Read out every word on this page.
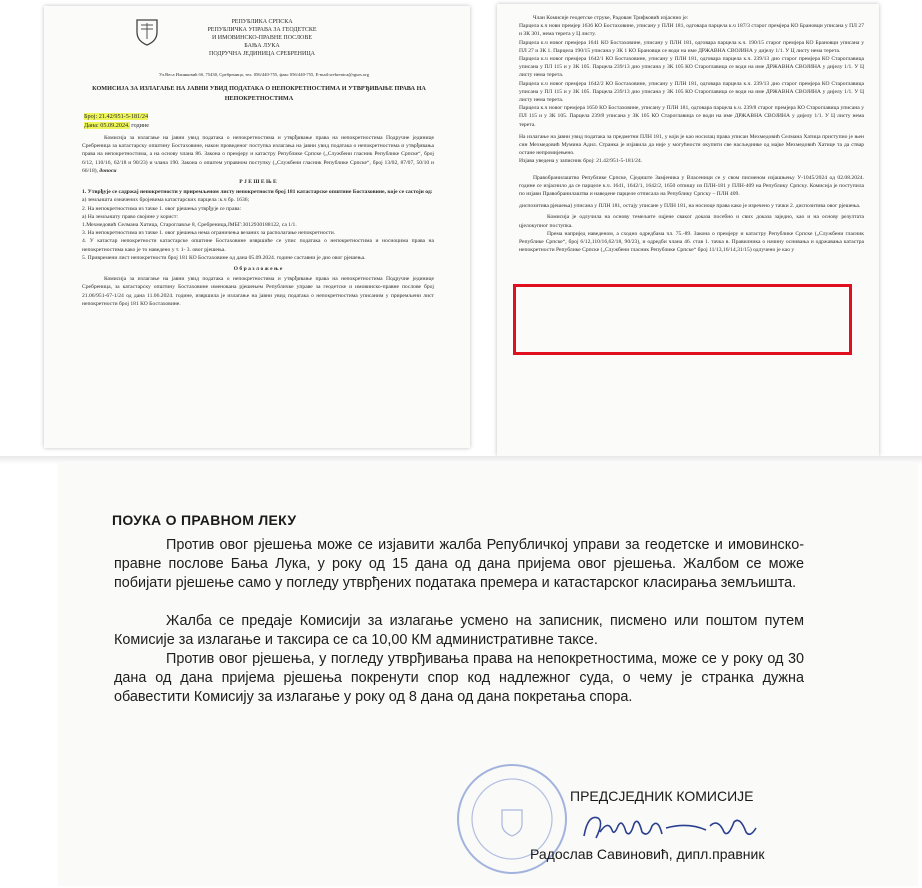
РЕПУБЛИКА СРПСКА
РЕПУБЛИЧКА УПРАВА ЗА ГЕОДЕТСКЕ
И ИМОВИНСКО-ПРАВНЕ ПОСЛОВЕ
БАЊА ЛУКА
ПОДРУЧНА ЈЕДИНИЦА СРЕБРЕНИЦА
Ул.Веса Илинковић бб, 75430, Сребреница, тел. 056/440-755, факс 056/440-755, E-mail:srebrenica@rgurs.org
КОМИСИЈА ЗА ИЗЛАГАЊЕ НА ЈАВНИ УВИД ПОДАТАКА О НЕПОКРЕТНОСТИМА И УТВРЂИВАЊЕ ПРАВА НА НЕПОКРЕТНОСТИМА
Број: 21.42/951-5-181/24
Дана: 05.09.2024. године
Комисија за излагање на јавни увид података о непокретностима и утврђивање права на непокретностима Подручне јединице Сребреница за катастарску општину Бостаховине, након проведеног поступка излагања на јавни увид података о непокретностима и утврђивања права на непокретностима, а на основу члана 86. Закона о премјеру и катастру Републике Српске („Службени гласник Републике Српске“, број 6/12, 110/16, 62/18 и 90/23) и члана 190. Закона о општем управном поступку („Службени гласник Републике Српске“, број 13/02, 87/07, 50/10 и 66/18), доноси
Р Ј Е Ш Е Њ Е
1. Утврђује се садржај непокретности у приремљеном листу непокретности број 181 катастарске општине Бостаховине, које се састоји од:
а) земљишта означених бројевима катастарских парцела :к.ч бр. 1636;
2. На непокретностима из тачке 1. овог рјешења утврђује се права:
а) На земљишту право својине у корист:
1.Мехмедовић Селмана Хатица, Староглавље 8, Сребреница,ЈМБГ:3012930188122, са 1/1.
3. На непокретностима из тачке 1. овог рјешења нема ограничења везаних за располагање непокретности.
4. У катастар непокретности катастарске општине Бостаховине извршиће се упис података о непокретностима и носиоцима права на непокретностима како је то наведено у т. 1- 3. овог рјешења.
5. Привремени лист непокретности број 181 КО Бостаховине од дана 05.09.2024. године саставни је дио овог рјешења.
О б р а з л о ж е њ е
Комисија за излагање на јавни увид података о непокретностима и утврђивање права на непокретностима Подручне јединице Сребреница, за катастарску општину Бостаховине именована рјешењем Републичке управе за геодетске и имовинско-правне послове број 21.06/951-67-1/24 од дана 11.06.2024. године, извршила је излагање на јавни увид података о непокретностима уписаним у приремљени лист непокретности број 181 КО Бостаховине.
Члан Комисије геодетске струке, Радован Трифковић изјаснио је:
Парцела к.ч нови премјер 1636 КО Бостаховине, уписану у ПЛН 181, одговара парцела к.ч 187/3 старог премјера КО Брановци уписана у ПЛ 27 и ЗК 301, нема терета у Ц листу.
Парцела к.ч новог премјера 1641 КО Бостаховине, уписану у ПЛН 181, одговара парцела к.ч. 190/15 старог премјера КО Брановци уписана у ПЛ 27 и ЗК 1. Парцела 190/15 уписана у ЗК 1 КО Брановци се води на име ДРЖАВНА СВОЈИНА у дијелу 1/1. У Ц листу нема терета.
Парцела к.ч новог премјера 1642/1 КО Бостаховине, уписану у ПЛН 181, одговара парцела к.ч. 239/13 дио старог премјера КО Староглавица уписана у ПЛ 115 и у ЗК 105. Парцела 239/13 дио уписана у ЗК 105 КО Староглавица се води на име ДРЖАВНА СВОЈИНА у дијелу 1/1. У Ц листу нема терета.
Парцела к.ч новог премјера 1642/2 КО Бостаховине, уписану у ПЛН 181, одговара парцела к.ч. 239/13 дио старог премјера КО Староглавица уписана у ПЛ 115 и у ЗК 105. Парцела 239/13 дио уписана у ЗК 105 КО Староглавица се води на име ДРЖАВНА СВОЈИНА у дијелу 1/1. У Ц листу нема терета.
Парцела к.ч новог премјера 1650 КО Бостаховине, уписану у ПЛН 181, одговара парцела к.ч. 239/8 старог премјера КО Староглавица уписана у ПЛ 115 и у ЗК 105. Парцела 239/8 уписана у ЗК 105 КО Староглавица се води на име ДРЖАВНА СВОЈИНА у дијелу 1/1. У Ц листу нема терета.
На излагање на јавни увид података за предметни ПЛН 181, у који је као носилац права уписан Мехмедовић Селмана Хатица приступио је њен син Мехмедовић Мумина Адил. Странка је изјавила да није у могућности окупити све насљеднике од мајке Мехмедовић Хатице та да ствар остане непромијењено.
Изјава уведена у записник број: 21.42/951-5-181/24.
Правобранилаштво Републике Српске, Сједиште Замјеника у Власеници се у свом писменом изјашњењу У-1045/2024 од 02.08.2024. године се изјаснило да се парцеле к.ч. 1641, 1642/1, 1642/2, 1650 отпишу из ПЛН-181 у ПЛН-409 на Републику Српску. Комисија је поступила по изјави Правобранилаштва и наведене парцеле отписала на Републику Српску – ПЛН 409.
диспозитива рјешења) уписана у ПЛН 181, остају уписане у ПЛН 181, на носиоце права како је изречено у тачки 2. диспозитива овог рјешења.
Комисија је одлучила на основу темељите оцјене сваког доказа посебно и свих доказа заједно, као и на основу резултата цјелокупног поступка.
Према напријед наведеном, а сходно одредбама чл. 75.-89. Закона о премјеру и катастру Републике Српске („Службени гласник Републике Српске“, број 6/12,110/16,62/18, 90/23), и одредби члана 46. став 1. тачка в. Правилника о начину оснивања и одржавања катастра непокретности Републике Српске („Службени гласник Републике Српске“ број 11/13,16/14,31/15) одлучено је као у
ПОУКА О ПРАВНОМ ЛЕКУ
Против овог рјешења може се изјавити жалба Републичкој управи за геодетске и имовинско-правне послове Бања Лука, у року од 15 дана од дана пријема овог рјешења. Жалбом се може побијати рјешење само у погледу утврђених података премера и катастарског класирања земљишта.
Жалба се предаје Комисији за излагање усмено на записник, писмено или поштом путем Комисије за излагање и таксира се са 10,00 КМ административне таксе.
Против овог рјешења, у погледу утврђивања права на непокретностима, може се у року од 30 дана од дана пријема рјешења покренути спор код надлежног суда, о чему је странка дужна обавестити Комисију за излагање у року од 8 дана од дана покретања спора.
ПРЕДСЈЕДНИК КОМИСИЈЕ
Радослав Савиновић, дипл.правник
